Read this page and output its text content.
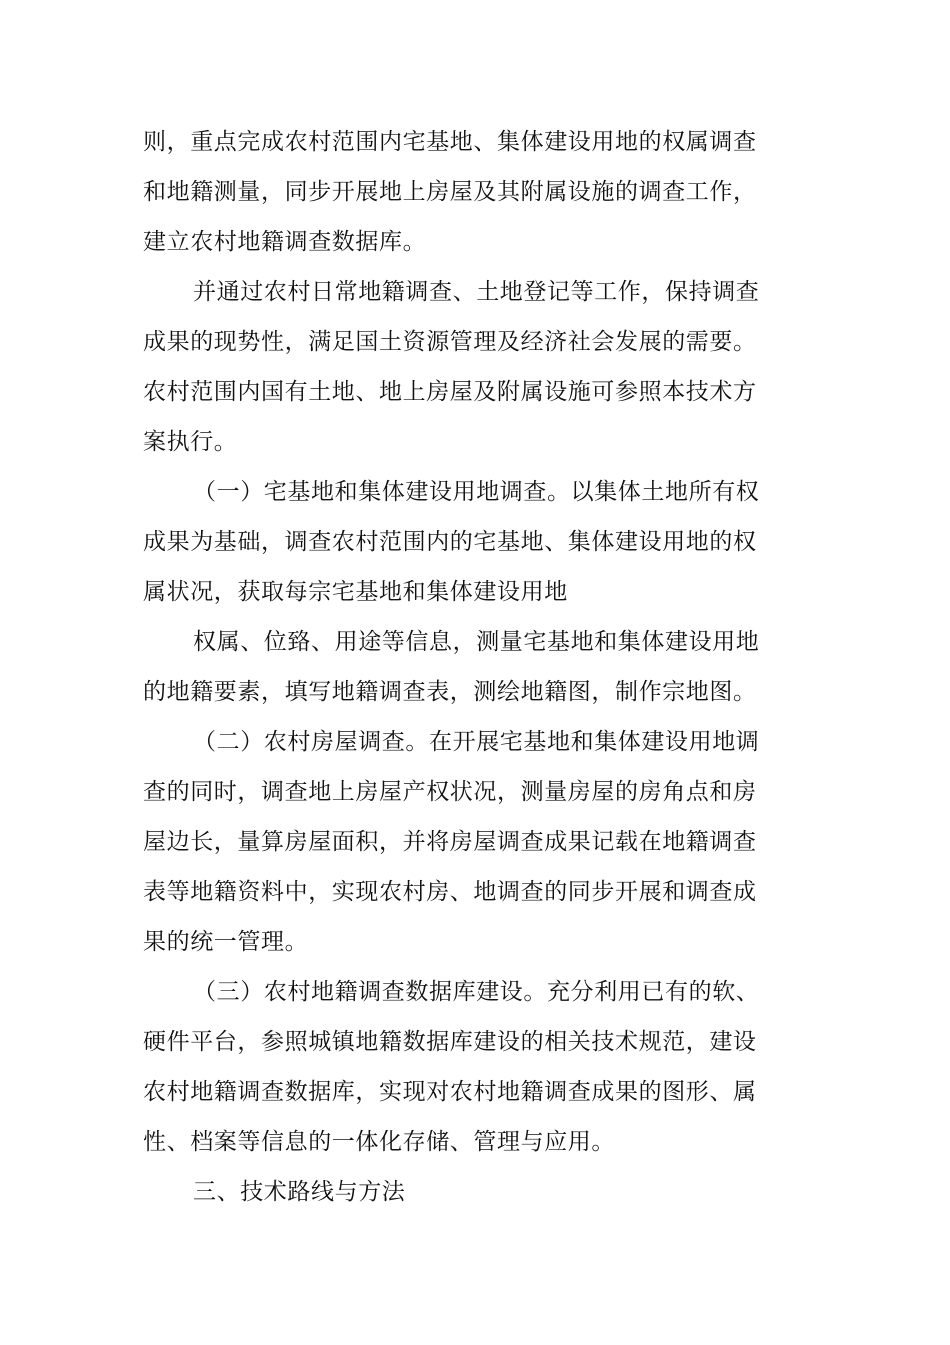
则，重点完成农村范围内宅基地、集体建设用地的权属调查
和地籍测量，同步开展地上房屋及其附属设施的调查工作，
建立农村地籍调查数据库。
并通过农村日常地籍调查、土地登记等工作，保持调查
成果的现势性，满足国土资源管理及经济社会发展的需要。
农村范围内国有土地、地上房屋及附属设施可参照本技术方
案执行。
（一）宅基地和集体建设用地调查。以集体土地所有权
成果为基础，调查农村范围内的宅基地、集体建设用地的权
属状况，获取每宗宅基地和集体建设用地
权属、位臵、用途等信息，测量宅基地和集体建设用地
的地籍要素，填写地籍调查表，测绘地籍图，制作宗地图。
（二）农村房屋调查。在开展宅基地和集体建设用地调
查的同时，调查地上房屋产权状况，测量房屋的房角点和房
屋边长，量算房屋面积，并将房屋调查成果记载在地籍调查
表等地籍资料中，实现农村房、地调查的同步开展和调查成
果的统一管理。
（三）农村地籍调查数据库建设。充分利用已有的软、
硬件平台，参照城镇地籍数据库建设的相关技术规范，建设
农村地籍调查数据库，实现对农村地籍调查成果的图形、属
性、档案等信息的一体化存储、管理与应用。
三、技术路线与方法
